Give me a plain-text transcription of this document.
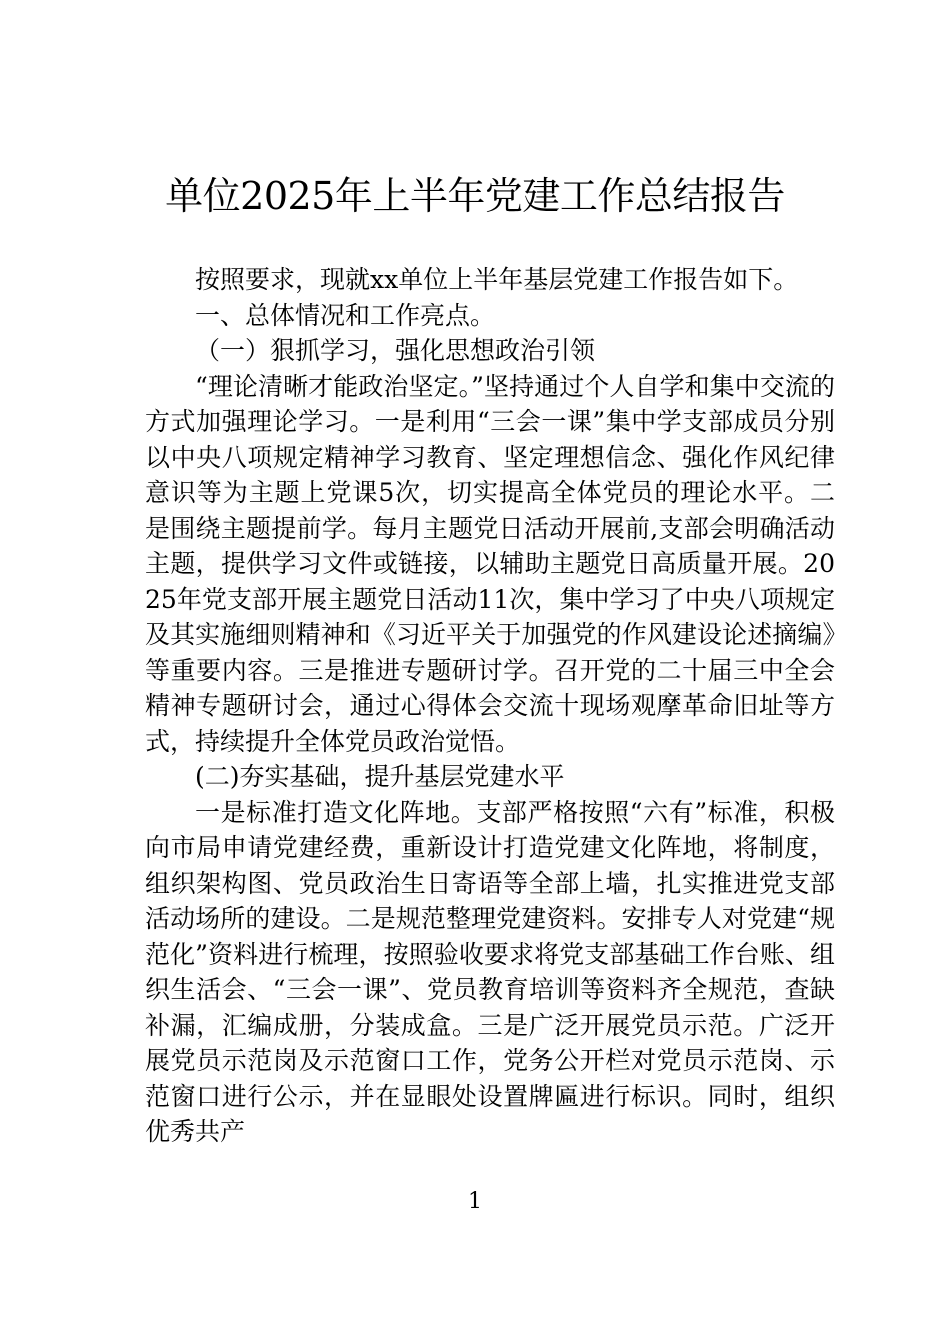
单位2025年上半年党建工作总结报告

按照要求，现就xx单位上半年基层党建工作报告如下。

一、总体情况和工作亮点。

（一）狠抓学习，强化思想政治引领

“理论清晰才能政治坚定。”坚持通过个人自学和集中交流的方式加强理论学习。一是利用“三会一课”集中学支部成员分别以中央八项规定精神学习教育、坚定理想信念、强化作风纪律意识等为主题上党课5次，切实提高全体党员的理论水平。二是围绕主题提前学。每月主题党日活动开展前,支部会明确活动主题，提供学习文件或链接，以辅助主题党日高质量开展。2025年党支部开展主题党日活动11次，集中学习了中央八项规定及其实施细则精神和《习近平关于加强党的作风建设论述摘编》等重要内容。三是推进专题研讨学。召开党的二十届三中全会精神专题研讨会，通过心得体会交流十现场观摩革命旧址等方式，持续提升全体党员政治觉悟。

(二)夯实基础，提升基层党建水平

一是标准打造文化阵地。支部严格按照“六有”标准，积极向市局申请党建经费，重新设计打造党建文化阵地，将制度，组织架构图、党员政治生日寄语等全部上墙，扎实推进党支部活动场所的建设。二是规范整理党建资料。安排专人对党建“规范化”资料进行梳理，按照验收要求将党支部基础工作台账、组织生活会、“三会一课”、党员教育培训等资料齐全规范，查缺补漏，汇编成册，分装成盒。三是广泛开展党员示范。广泛开展党员示范岗及示范窗口工作，党务公开栏对党员示范岗、示范窗口进行公示，并在显眼处设置牌匾进行标识。同时，组织优秀共产

1
